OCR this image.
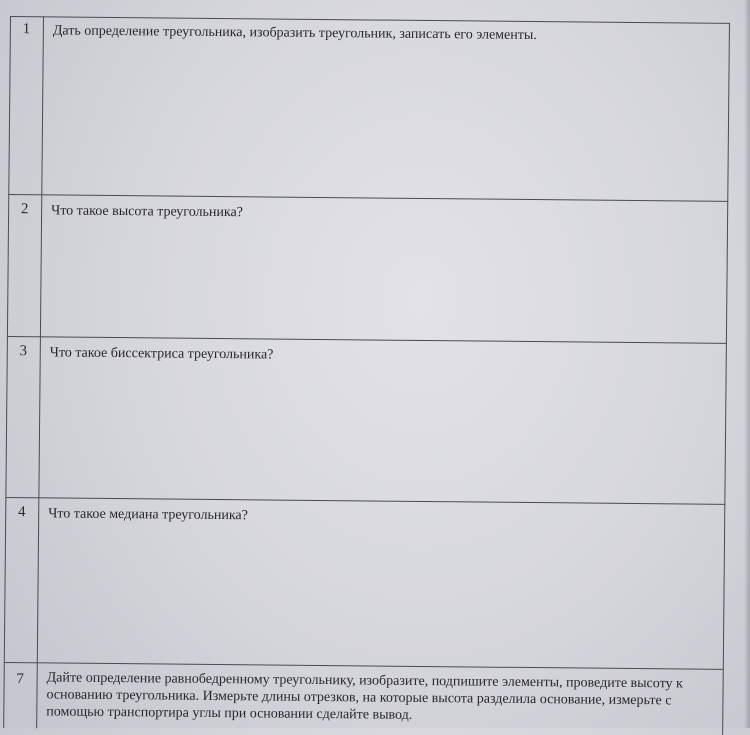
1	Дать определение треугольника, изобразить треугольник, записать его элементы.
2	Что такое высота треугольника?
3	Что такое биссектриса треугольника?
4	Что такое медиана треугольника?
7	Дайте определение равнобедренному треугольнику, изобразите, подпишите элементы, проведите высоту к основанию треугольника. Измерьте длины отрезков, на которые высота разделила основание, измерьте с помощью транспортира углы при основании сделайте вывод.
